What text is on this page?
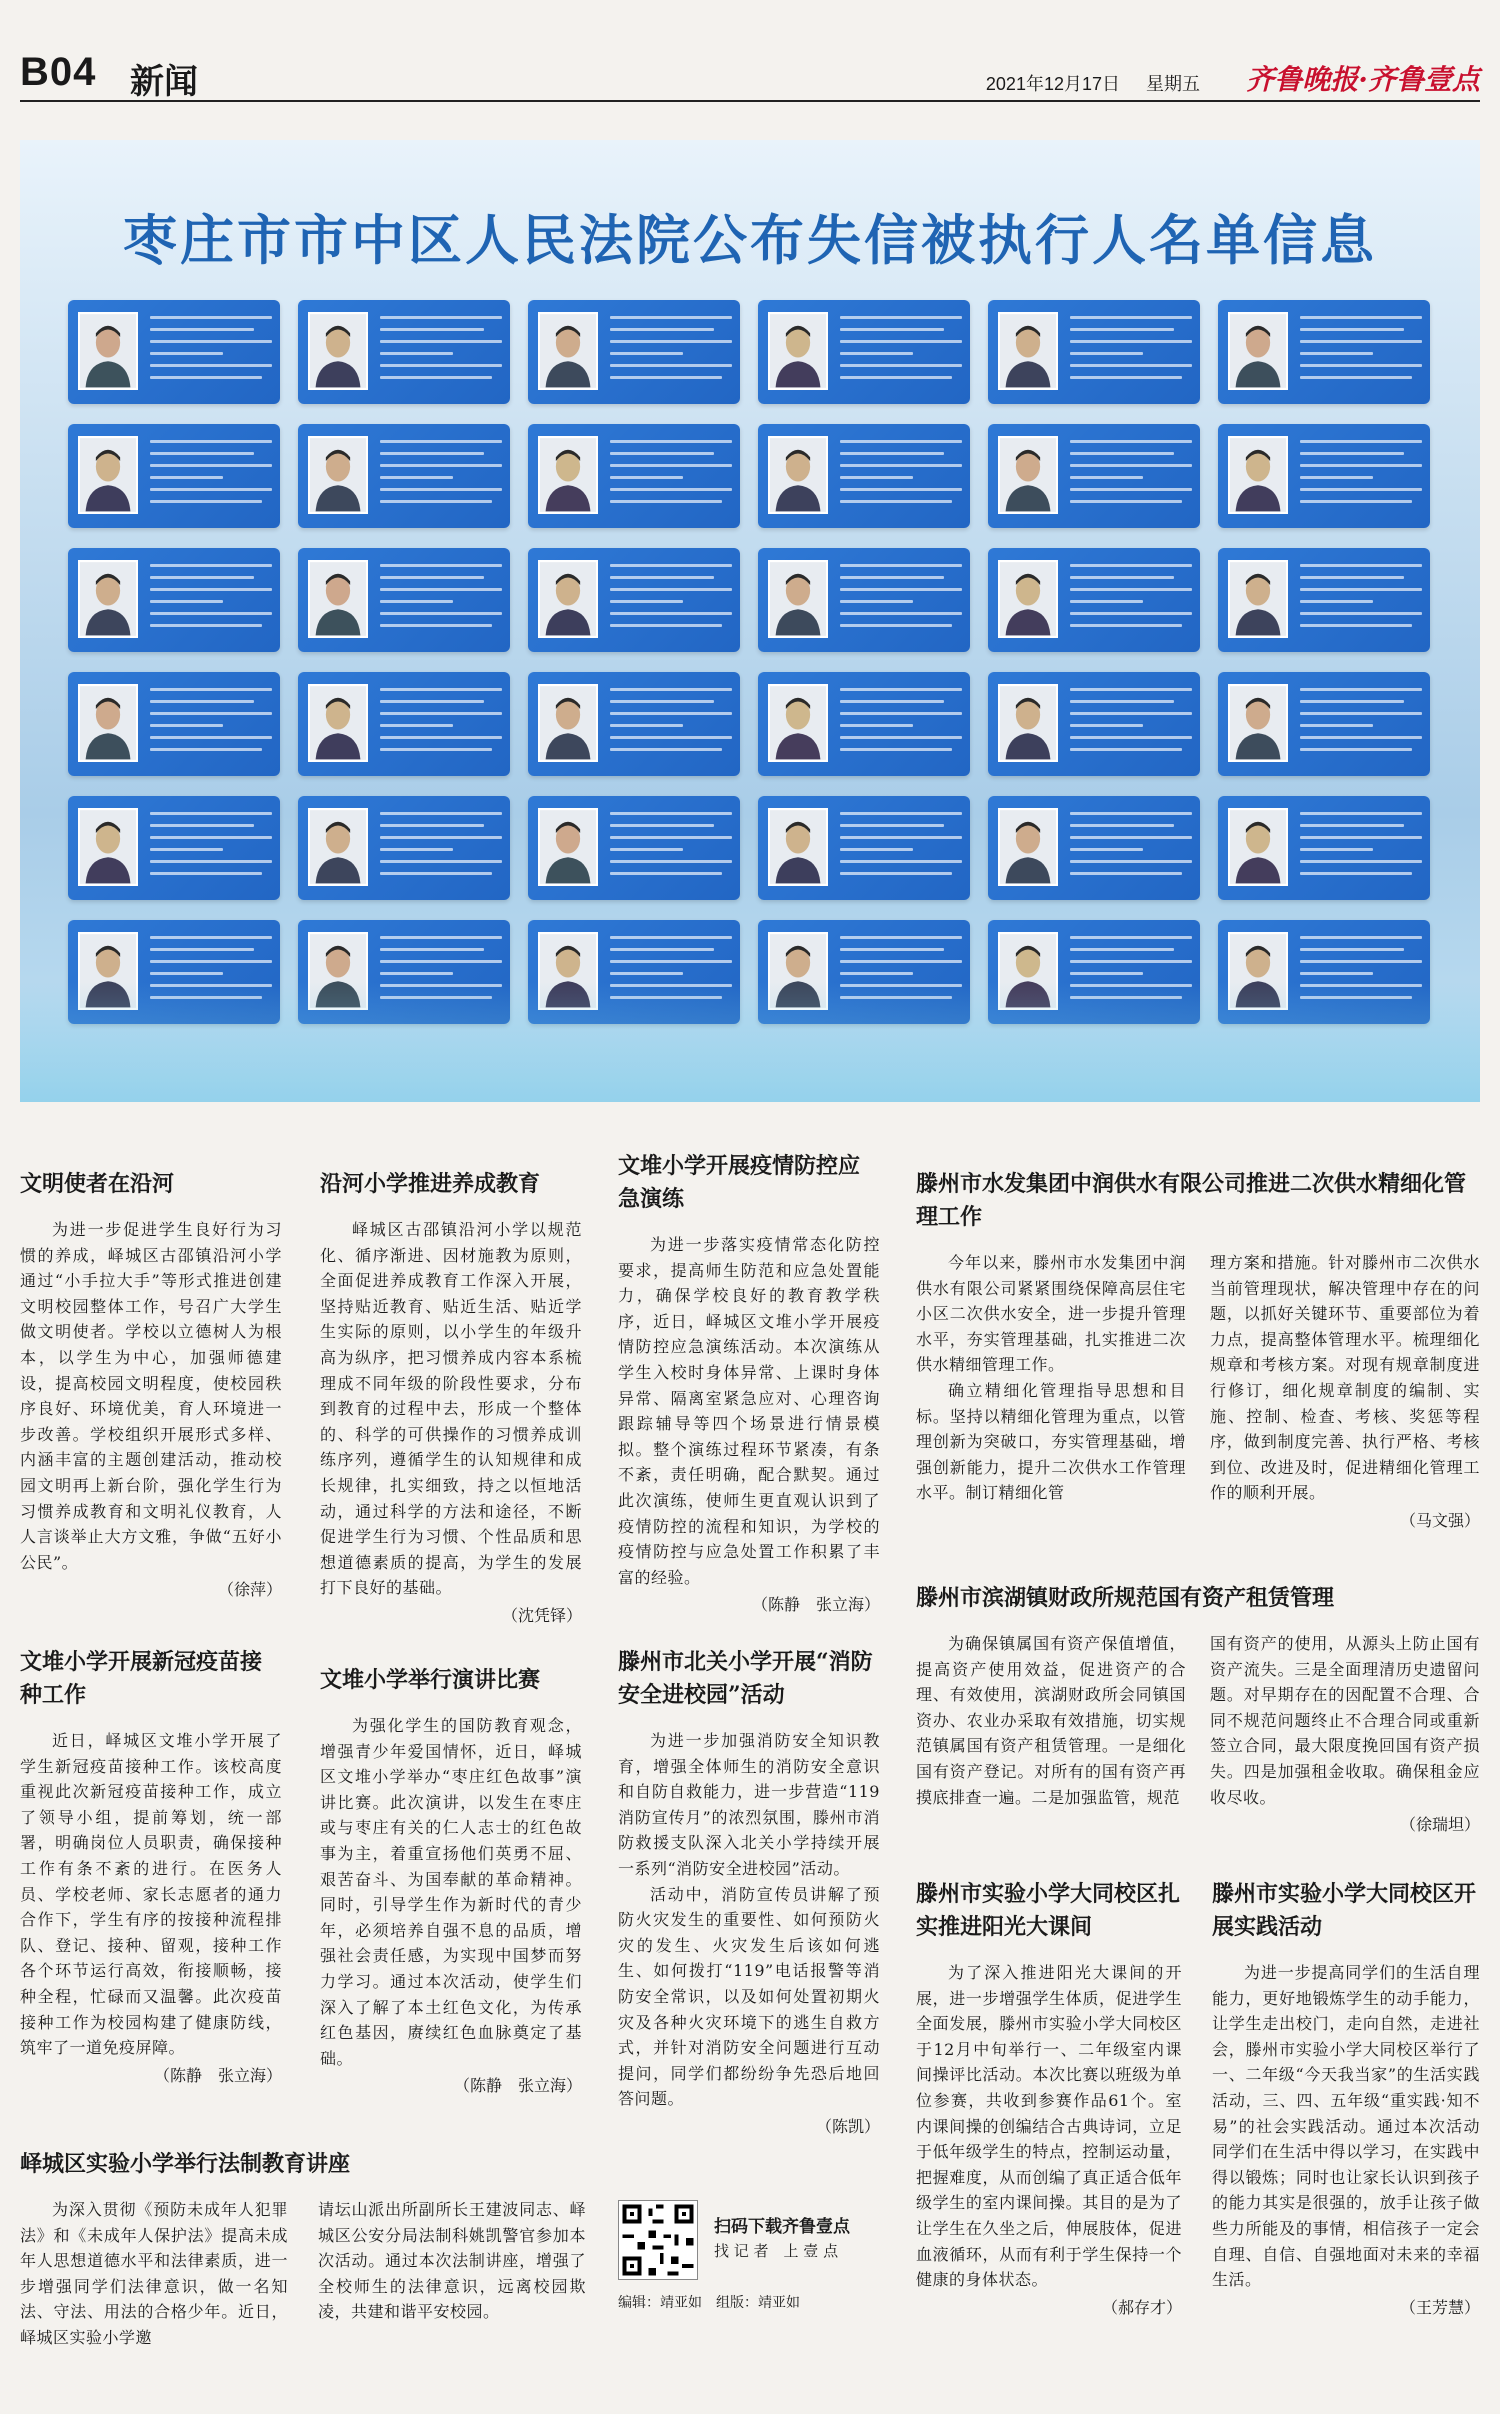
B04 新闻	2021年12月17日 星期五 齐鲁晚报·齐鲁壹点
枣庄市市中区人民法院公布失信被执行人名单信息
文明使者在沿河

为进一步促进学生良好行为习惯的养成，峄城区古邵镇沿河小学通过“小手拉大手”等形式推进创建文明校园整体工作，号召广大学生做文明使者。学校以立德树人为根本，以学生为中心，加强师德建设，提高校园文明程度，使校园秩序良好、环境优美，育人环境进一步改善。学校组织开展形式多样、内涵丰富的主题创建活动，推动校园文明再上新台阶，强化学生行为习惯养成教育和文明礼仪教育，人人言谈举止大方文雅，争做“五好小公民”。

（徐萍）
沿河小学推进养成教育

峄城区古邵镇沿河小学以规范化、循序渐进、因材施教为原则，全面促进养成教育工作深入开展，坚持贴近教育、贴近生活、贴近学生实际的原则，以小学生的年级升高为纵序，把习惯养成内容本系梳理成不同年级的阶段性要求，分布到教育的过程中去，形成一个整体的、科学的可供操作的习惯养成训练序列，遵循学生的认知规律和成长规律，扎实细致，持之以恒地活动，通过科学的方法和途径，不断促进学生行为习惯、个性品质和思想道德素质的提高，为学生的发展打下良好的基础。

（沈凭铎）
文堆小学开展疫情防控应急演练

为进一步落实疫情常态化防控要求，提高师生防范和应急处置能力，确保学校良好的教育教学秩序，近日，峄城区文堆小学开展疫情防控应急演练活动。本次演练从学生入校时身体异常、上课时身体异常、隔离室紧急应对、心理咨询跟踪辅导等四个场景进行情景模拟。整个演练过程环节紧凑，有条不紊，责任明确，配合默契。通过此次演练，使师生更直观认识到了疫情防控的流程和知识，为学校的疫情防控与应急处置工作积累了丰富的经验。

（陈静　张立海）
滕州市水发集团中润供水有限公司推进二次供水精细化管理工作

今年以来，滕州市水发集团中润供水有限公司紧紧围绕保障高层住宅小区二次供水安全，进一步提升管理水平，夯实管理基础，扎实推进二次供水精细管理工作。

确立精细化管理指导思想和目标。坚持以精细化管理为重点，以管理创新为突破口，夯实管理基础，增强创新能力，提升二次供水工作管理水平。制订精细化管

理方案和措施。针对滕州市二次供水当前管理现状，解决管理中存在的问题，以抓好关键环节、重要部位为着力点，提高整体管理水平。梳理细化规章和考核方案。对现有规章制度进行修订，细化规章制度的编制、实施、控制、检查、考核、奖惩等程序，做到制度完善、执行严格、考核到位、改进及时，促进精细化管理工作的顺利开展。

（马文强）
滕州市滨湖镇财政所规范国有资产租赁管理

为确保镇属国有资产保值增值，提高资产使用效益，促进资产的合理、有效使用，滨湖财政所会同镇国资办、农业办采取有效措施，切实规范镇属国有资产租赁管理。一是细化国有资产登记。对所有的国有资产再摸底排查一遍。二是加强监管，规范

国有资产的使用，从源头上防止国有资产流失。三是全面理清历史遗留问题。对早期存在的因配置不合理、合同不规范问题终止不合理合同或重新签立合同，最大限度挽回国有资产损失。四是加强租金收取。确保租金应收尽收。

（徐瑞坦）
文堆小学开展新冠疫苗接种工作

近日，峄城区文堆小学开展了学生新冠疫苗接种工作。该校高度重视此次新冠疫苗接种工作，成立了领导小组，提前筹划，统一部署，明确岗位人员职责，确保接种工作有条不紊的进行。在医务人员、学校老师、家长志愿者的通力合作下，学生有序的按接种流程排队、登记、接种、留观，接种工作各个环节运行高效，衔接顺畅，接种全程，忙碌而又温馨。此次疫苗接种工作为校园构建了健康防线，筑牢了一道免疫屏障。

（陈静　张立海）
文堆小学举行演讲比赛

为强化学生的国防教育观念，增强青少年爱国情怀，近日，峄城区文堆小学举办“枣庄红色故事”演讲比赛。此次演讲，以发生在枣庄或与枣庄有关的仁人志士的红色故事为主，着重宣扬他们英勇不屈、艰苦奋斗、为国奉献的革命精神。同时，引导学生作为新时代的青少年，必须培养自强不息的品质，增强社会责任感，为实现中国梦而努力学习。通过本次活动，使学生们深入了解了本土红色文化，为传承红色基因，赓续红色血脉奠定了基础。

（陈静　张立海）
滕州市北关小学开展“消防安全进校园”活动

为进一步加强消防安全知识教育，增强全体师生的消防安全意识和自防自救能力，进一步营造“119消防宣传月”的浓烈氛围，滕州市消防救援支队深入北关小学持续开展一系列“消防安全进校园”活动。

活动中，消防宣传员讲解了预防火灾发生的重要性、如何预防火灾的发生、火灾发生后该如何逃生、如何拨打“119”电话报警等消防安全常识，以及如何处置初期火灾及各种火灾环境下的逃生自救方式，并针对消防安全问题进行互动提问，同学们都纷纷争先恐后地回答问题。

（陈凯）
滕州市实验小学大同校区扎实推进阳光大课间

为了深入推进阳光大课间的开展，进一步增强学生体质，促进学生全面发展，滕州市实验小学大同校区于12月中旬举行一、二年级室内课间操评比活动。本次比赛以班级为单位参赛，共收到参赛作品61个。室内课间操的创编结合古典诗词，立足于低年级学生的特点，控制运动量，把握难度，从而创编了真正适合低年级学生的室内课间操。其目的是为了让学生在久坐之后，伸展肢体，促进血液循环，从而有利于学生保持一个健康的身体状态。

（郝存才）
滕州市实验小学大同校区开展实践活动

为进一步提高同学们的生活自理能力，更好地锻炼学生的动手能力，让学生走出校门，走向自然，走进社会，滕州市实验小学大同校区举行了一、二年级“今天我当家”的生活实践活动，三、四、五年级“重实践·知不易”的社会实践活动。通过本次活动同学们在生活中得以学习，在实践中得以锻炼；同时也让家长认识到孩子的能力其实是很强的，放手让孩子做些力所能及的事情，相信孩子一定会自理、自信、自强地面对未来的幸福生活。

（王芳慧）
峄城区实验小学举行法制教育讲座

为深入贯彻《预防未成年人犯罪法》和《未成年人保护法》提高未成年人思想道德水平和法律素质，进一步增强同学们法律意识，做一名知法、守法、用法的合格少年。近日，峄城区实验小学邀

请坛山派出所副所长王建波同志、峄城区公安分局法制科姚凯警官参加本次活动。通过本次法制讲座，增强了全校师生的法律意识，远离校园欺凌，共建和谐平安校园。

扫码下载齐鲁壹点
找 记 者　上 壹 点
编辑：靖亚如　组版：靖亚如
